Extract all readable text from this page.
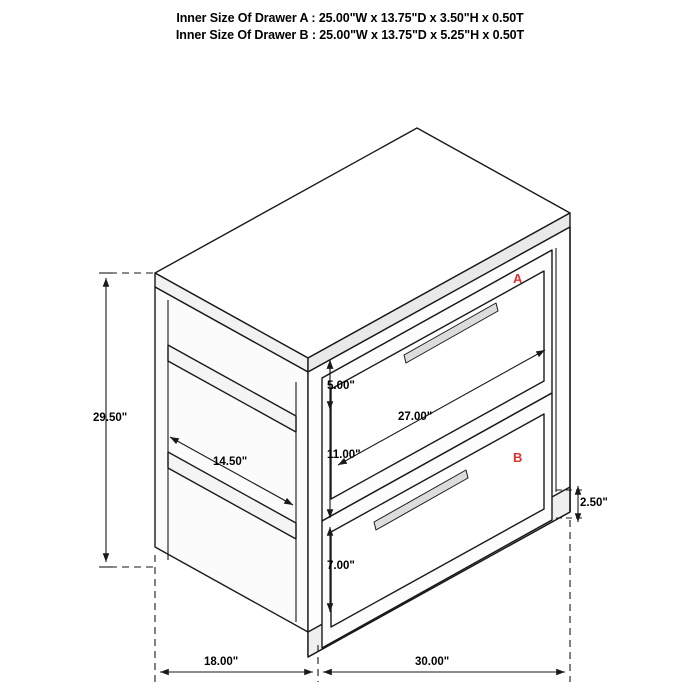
Inner Size Of Drawer A : 25.00"W x 13.75"D x 3.50"H x 0.50T
Inner Size Of Drawer B : 25.00"W x 13.75"D x 5.25"H x 0.50T
29.50"
14.50"
5.00"
11.00"
27.00"
7.00"
2.50"
18.00"	30.00"
A
B
